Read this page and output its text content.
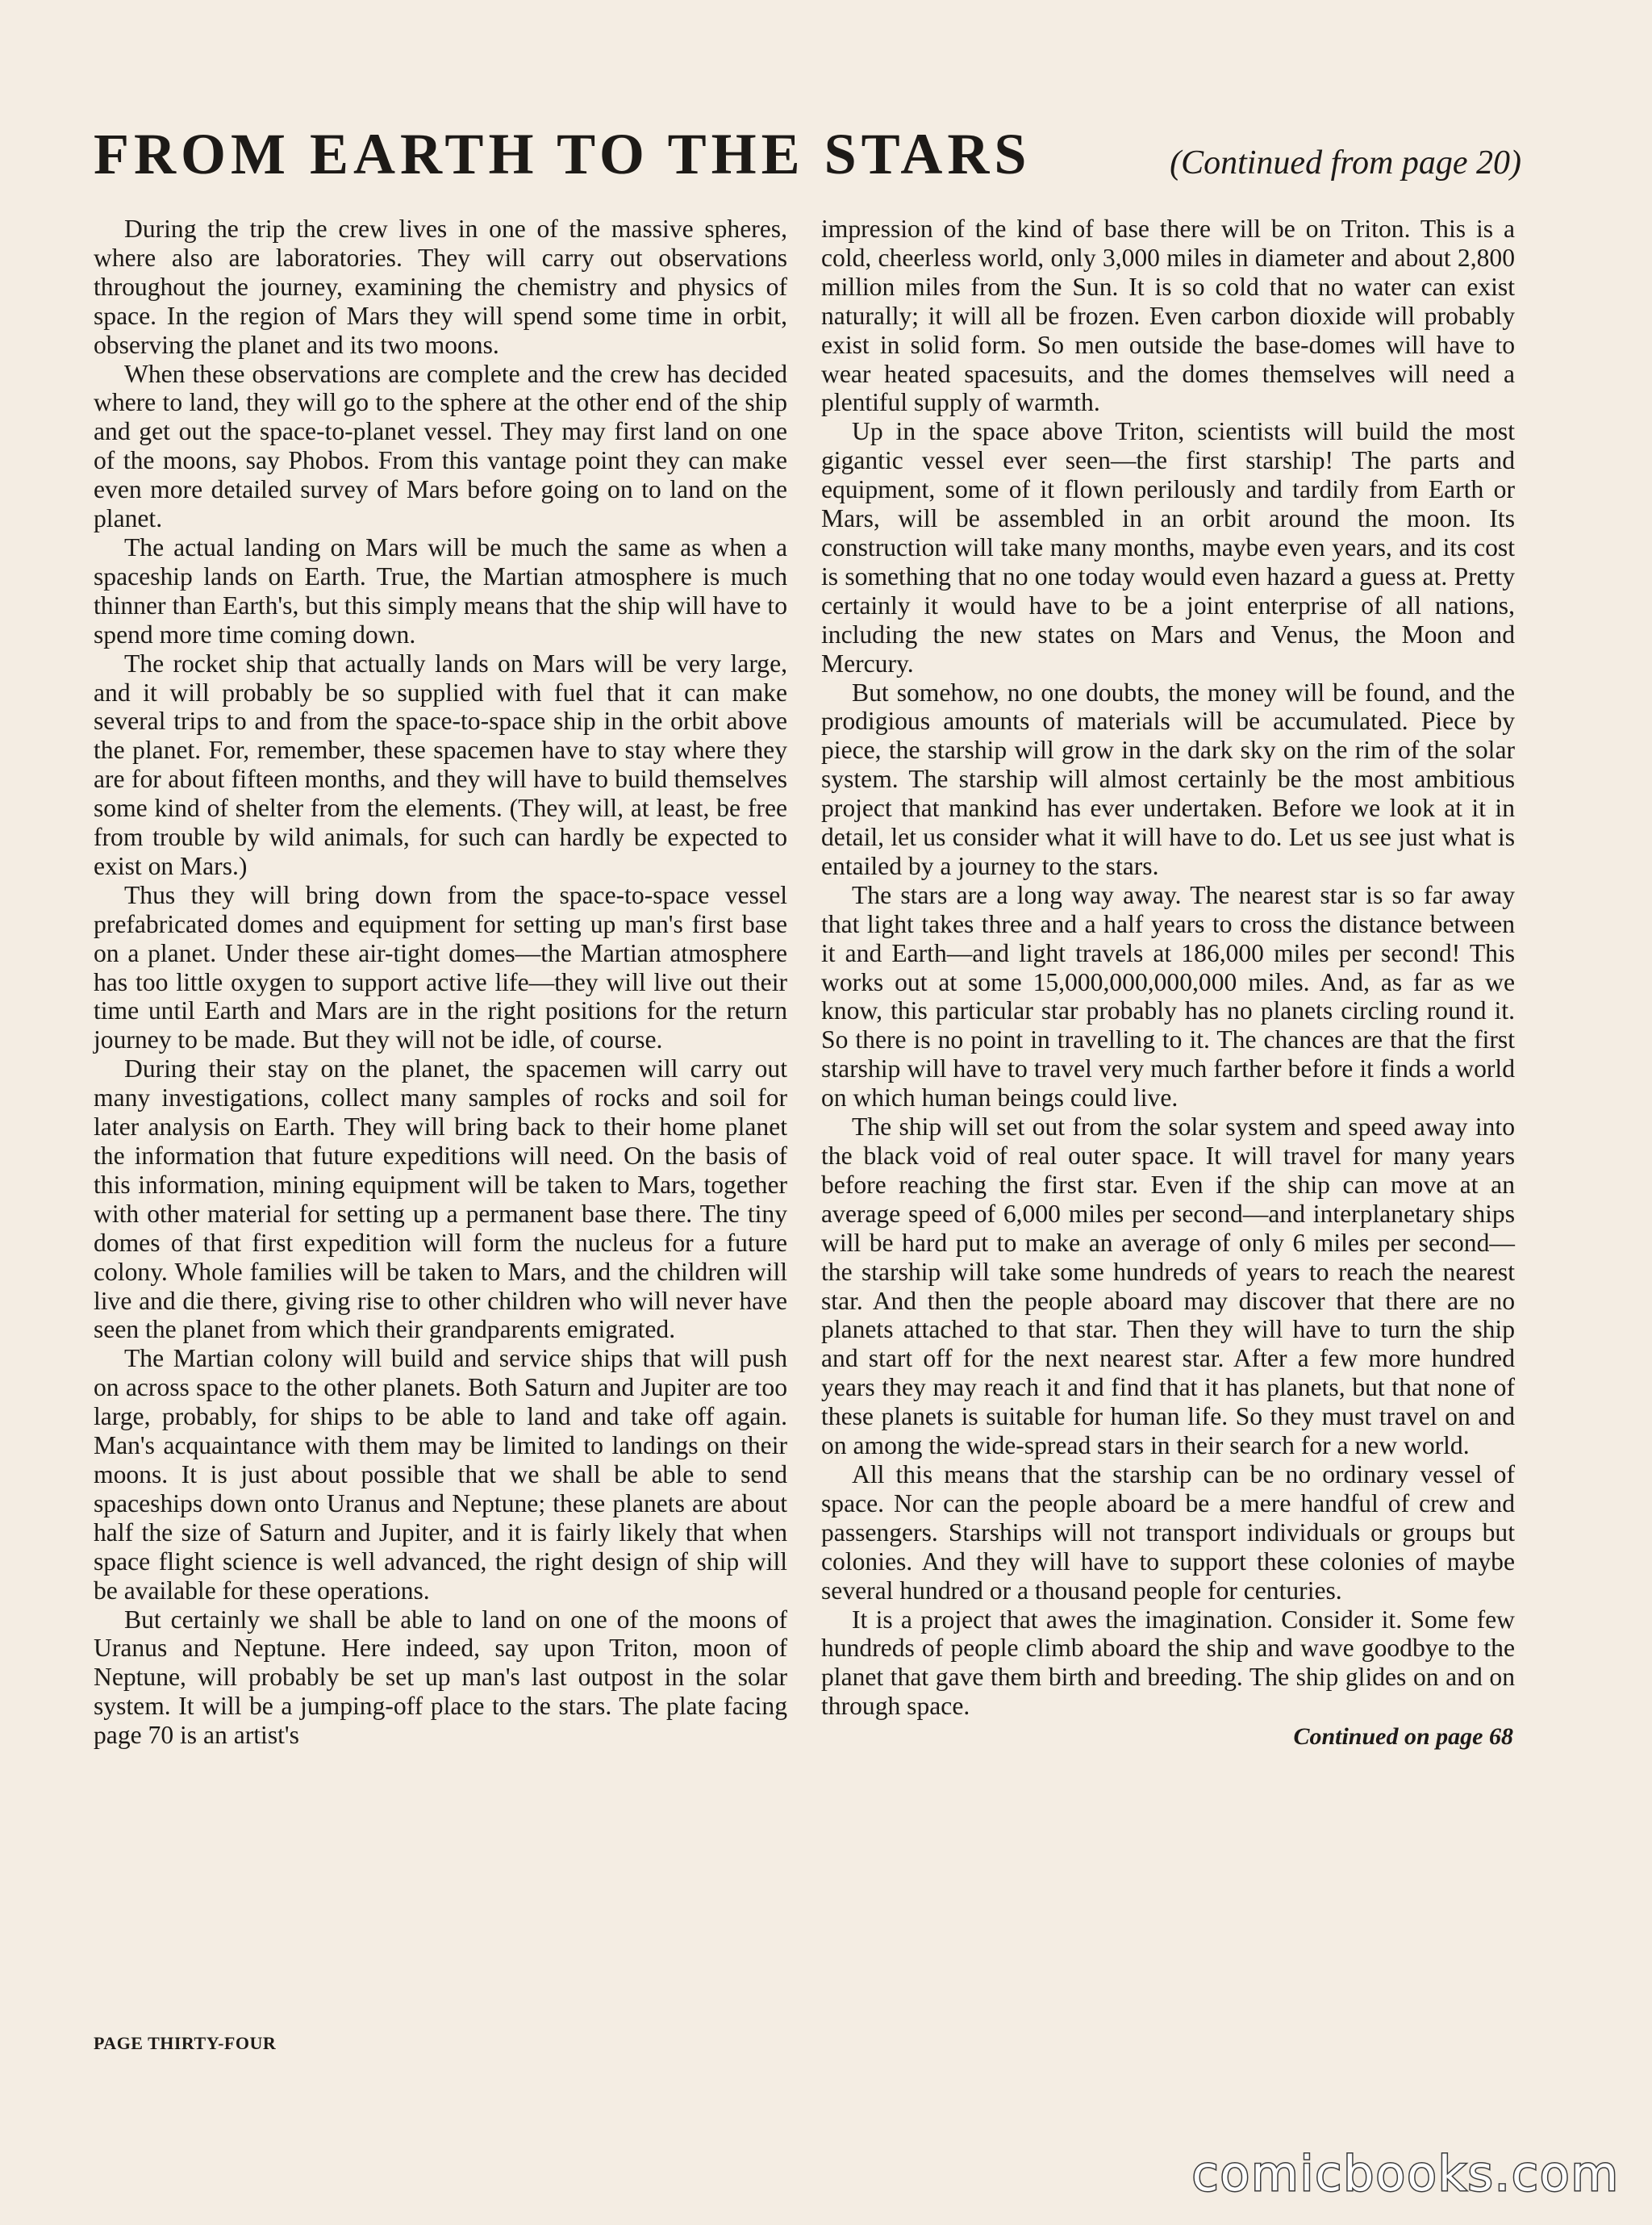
FROM EARTH TO THE STARS	(Continued from page 20)

During the trip the crew lives in one of the massive spheres, where also are laboratories. They will carry out observations throughout the journey, examining the chemistry and physics of space. In the region of Mars they will spend some time in orbit, observing the planet and its two moons.

When these observations are complete and the crew has decided where to land, they will go to the sphere at the other end of the ship and get out the space-to-planet vessel. They may first land on one of the moons, say Phobos. From this vantage point they can make even more detailed survey of Mars before going on to land on the planet.

The actual landing on Mars will be much the same as when a spaceship lands on Earth. True, the Martian atmosphere is much thinner than Earth's, but this simply means that the ship will have to spend more time coming down.

The rocket ship that actually lands on Mars will be very large, and it will probably be so supplied with fuel that it can make several trips to and from the space-to-space ship in the orbit above the planet. For, remember, these spacemen have to stay where they are for about fifteen months, and they will have to build themselves some kind of shelter from the elements. (They will, at least, be free from trouble by wild animals, for such can hardly be expected to exist on Mars.)

Thus they will bring down from the space-to-space vessel prefabricated domes and equipment for setting up man's first base on a planet. Under these air-tight domes—the Martian atmosphere has too little oxygen to support active life—they will live out their time until Earth and Mars are in the right positions for the return journey to be made. But they will not be idle, of course.

During their stay on the planet, the spacemen will carry out many investigations, collect many samples of rocks and soil for later analysis on Earth. They will bring back to their home planet the information that future expeditions will need. On the basis of this information, mining equipment will be taken to Mars, together with other material for setting up a permanent base there. The tiny domes of that first expedition will form the nucleus for a future colony. Whole families will be taken to Mars, and the children will live and die there, giving rise to other children who will never have seen the planet from which their grandparents emigrated.

The Martian colony will build and service ships that will push on across space to the other planets. Both Saturn and Jupiter are too large, probably, for ships to be able to land and take off again. Man's acquaintance with them may be limited to landings on their moons. It is just about possible that we shall be able to send spaceships down onto Uranus and Neptune; these planets are about half the size of Saturn and Jupiter, and it is fairly likely that when space flight science is well advanced, the right design of ship will be available for these operations.

But certainly we shall be able to land on one of the moons of Uranus and Neptune. Here indeed, say upon Triton, moon of Neptune, will probably be set up man's last outpost in the solar system. It will be a jumping-off place to the stars. The plate facing page 70 is an artist's

impression of the kind of base there will be on Triton. This is a cold, cheerless world, only 3,000 miles in diameter and about 2,800 million miles from the Sun. It is so cold that no water can exist naturally; it will all be frozen. Even carbon dioxide will probably exist in solid form. So men outside the base-domes will have to wear heated spacesuits, and the domes themselves will need a plentiful supply of warmth.

Up in the space above Triton, scientists will build the most gigantic vessel ever seen—the first starship! The parts and equipment, some of it flown perilously and tardily from Earth or Mars, will be assembled in an orbit around the moon. Its construction will take many months, maybe even years, and its cost is something that no one today would even hazard a guess at. Pretty certainly it would have to be a joint enterprise of all nations, including the new states on Mars and Venus, the Moon and Mercury.

But somehow, no one doubts, the money will be found, and the prodigious amounts of materials will be accumulated. Piece by piece, the starship will grow in the dark sky on the rim of the solar system. The starship will almost certainly be the most ambitious project that mankind has ever undertaken. Before we look at it in detail, let us consider what it will have to do. Let us see just what is entailed by a journey to the stars.

The stars are a long way away. The nearest star is so far away that light takes three and a half years to cross the distance between it and Earth—and light travels at 186,000 miles per second! This works out at some 15,000,000,000,000 miles. And, as far as we know, this particular star probably has no planets circling round it. So there is no point in travelling to it. The chances are that the first starship will have to travel very much farther before it finds a world on which human beings could live.

The ship will set out from the solar system and speed away into the black void of real outer space. It will travel for many years before reaching the first star. Even if the ship can move at an average speed of 6,000 miles per second—and interplanetary ships will be hard put to make an average of only 6 miles per second—the starship will take some hundreds of years to reach the nearest star. And then the people aboard may discover that there are no planets attached to that star. Then they will have to turn the ship and start off for the next nearest star. After a few more hundred years they may reach it and find that it has planets, but that none of these planets is suitable for human life. So they must travel on and on among the wide-spread stars in their search for a new world.

All this means that the starship can be no ordinary vessel of space. Nor can the people aboard be a mere handful of crew and passengers. Starships will not transport individuals or groups but colonies. And they will have to support these colonies of maybe several hundred or a thousand people for centuries.

It is a project that awes the imagination. Consider it. Some few hundreds of people climb aboard the ship and wave goodbye to the planet that gave them birth and breeding. The ship glides on and on through space.

Continued on page 68
PAGE THIRTY-FOUR
comicbooks.com
